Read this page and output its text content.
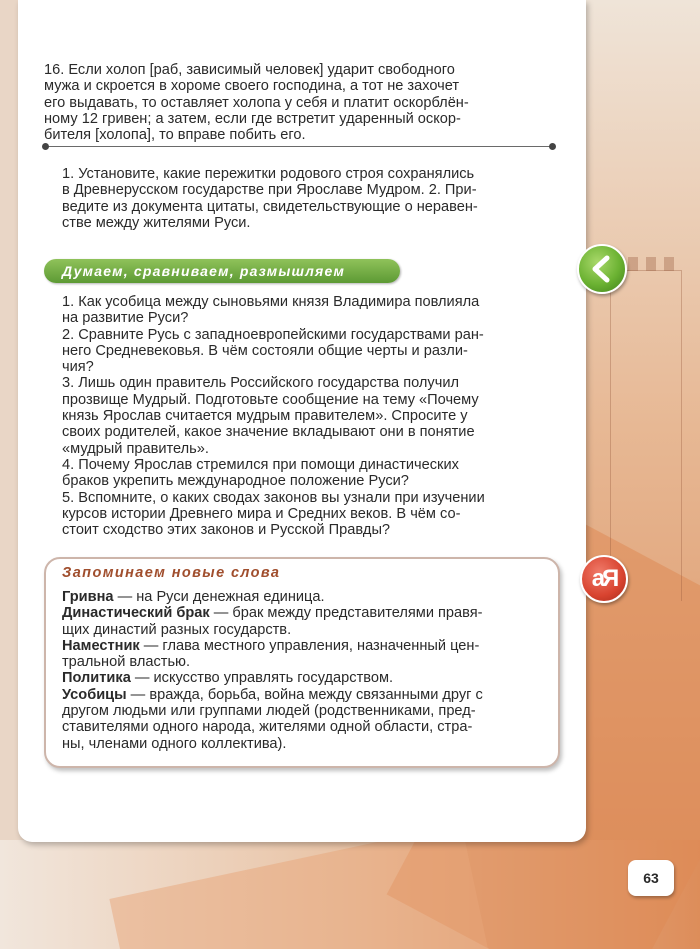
16. Если холоп [раб, зависимый человек] ударит свободного

мужа и скроется в хороме своего господина, а тот не захочет

его выдавать, то оставляет холопа у себя и платит оскорблён-

ному 12 гривен; а затем, если где встретит ударенный оскор-

бителя [холопа], то вправе побить его.

1. Установите, какие пережитки родового строя сохранялись

в Древнерусском государстве при Ярославе Мудром. 2. При-

ведите из документа цитаты, свидетельствующие о неравен-

стве между жителями Руси.

Думаем, сравниваем, размышляем

1. Как усобица между сыновьями князя Владимира повлияла

на развитие Руси?

2. Сравните Русь с западноевропейскими государствами ран-

него Средневековья. В чём состояли общие черты и разли-

чия?

3. Лишь один правитель Российского государства получил

прозвище Мудрый. Подготовьте сообщение на тему «Почему

князь Ярослав считается мудрым правителем». Спросите у

своих родителей, какое значение вкладывают они в понятие

«мудрый правитель».

4. Почему Ярослав стремился при помощи династических

браков укрепить международное положение Руси?

5. Вспомните, о каких сводах законов вы узнали при изучении

курсов истории Древнего мира и Средних веков. В чём со-

стоит сходство этих законов и Русской Правды?

Запоминаем новые слова	аЯ

Гривна — на Руси денежная единица.

Династический брак — брак между представителями правя-

щих династий разных государств.

Наместник — глава местного управления, назначенный цен-

тральной властью.

Политика — искусство управлять государством.

Усобицы — вражда, борьба, война между связанными друг с

другом людьми или группами людей (родственниками, пред-

ставителями одного народа, жителями одной области, стра-

ны, членами одного коллектива).

63
